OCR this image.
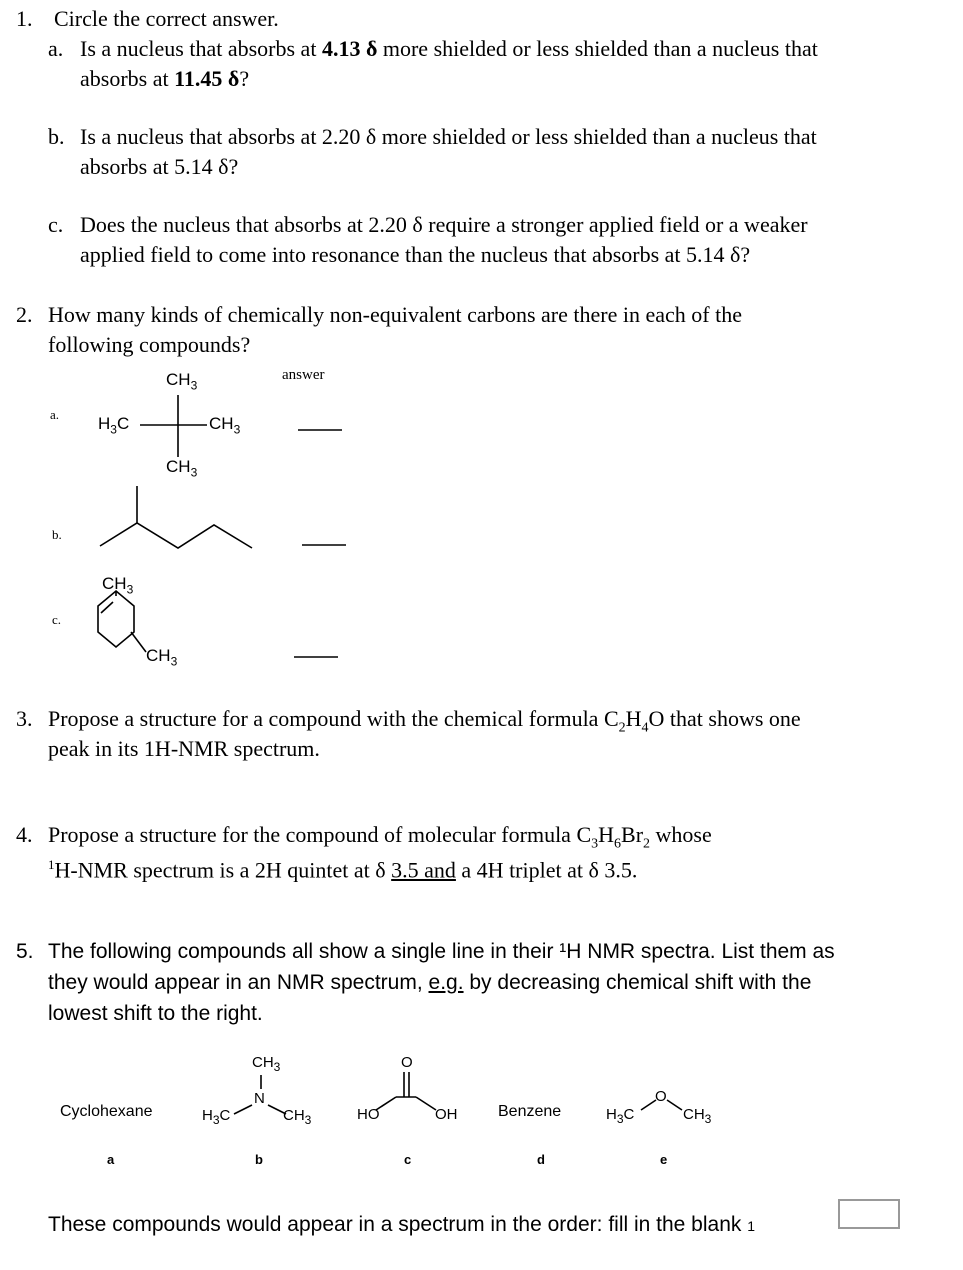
1. Circle the correct answer.
a. Is a nucleus that absorbs at 4.13 δ more shielded or less shielded than a nucleus that
absorbs at 11.45 δ?
b. Is a nucleus that absorbs at 2.20 δ more shielded or less shielded than a nucleus that
absorbs at 5.14 δ?
c. Does the nucleus that absorbs at 2.20 δ require a stronger applied field or a weaker
applied field to come into resonance than the nucleus that absorbs at 5.14 δ?
2. How many kinds of chemically non-equivalent carbons are there in each of the
following compounds?
answer
a.
b.
c.
$CH_3$
$H_3C$	$CH_3$
$CH_3$
$CH_3$
$CH_3$
3. Propose a structure for a compound with the chemical formula $C_2H_4O$ that shows one
peak in its 1H-NMR spectrum.
4. Propose a structure for the compound of molecular formula $C_3H_6Br_2$ whose
$^1$H-NMR spectrum is a 2H quintet at δ 3.5 and a 4H triplet at δ 3.5.
5. The following compounds all show a single line in their ¹H NMR spectra. List them as
they would appear in an NMR spectrum, e.g. by decreasing chemical shift with the
lowest shift to the right.
Cyclohexane	$H_3C$
N
$CH_3$
$CH_3$	HO
O
OH	Benzene	$H_3C$
O
$CH_3$
a	b	c	d	e
These compounds would appear in a spectrum in the order: fill in the blank 1
